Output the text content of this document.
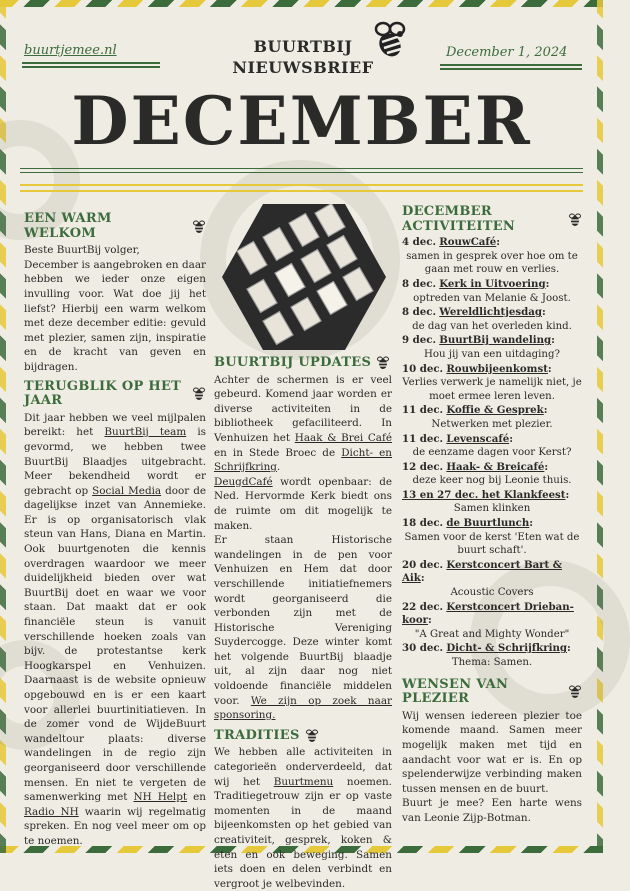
buurtjemee.nl	December 1, 2024
BUURTBIJ
NIEUWSBRIEF
DECEMBER
EEN WARM WELKOM

Beste BuurtBij volger,

December is aangebroken en daar hebben we ieder onze eigen invulling voor. Wat doe jij het liefst? Hierbij een warm welkom met deze december editie: gevuld met plezier, samen zijn, inspiratie en de kracht van geven en bijdragen.

TERUGBLIK OP HET JAAR

Dit jaar hebben we veel mijlpalen bereikt: het BuurtBij team is gevormd, we hebben twee BuurtBij Blaadjes uitgebracht. Meer bekendheid wordt er gebracht op Social Media door de dagelijkse inzet van Annemieke. Er is op organisatorisch vlak steun van Hans, Diana en Martin. Ook buurtgenoten die kennis overdragen waardoor we meer duidelijkheid bieden over wat BuurtBij doet en waar we voor staan. Dat maakt dat er ook financiële steun is vanuit verschillende hoeken zoals van bijv. de protestantse kerk Hoogkarspel en Venhuizen. Daarnaast is de website opnieuw opgebouwd en is er een kaart voor allerlei buurtinitiatieven. In de zomer vond de WijdeBuurt wandeltour plaats: diverse wandelingen in de regio zijn georganiseerd door verschillende mensen. En niet te vergeten de samenwerking met NH Helpt en Radio NH waarin wij regelmatig spreken. En nog veel meer om op te noemen.

BUURTBIJ UPDATES

Achter de schermen is er veel gebeurd. Komend jaar worden er diverse activiteiten in de bibliotheek gefaciliteerd. In Venhuizen het Haak & Brei Café en in Stede Broec de Dicht- en Schrijfkring.

DeugdCafé wordt openbaar: de Ned. Hervormde Kerk biedt ons de ruimte om dit mogelijk te maken.

Er staan Historische wandelingen in de pen voor Venhuizen en Hem dat door verschillende initiatiefnemers wordt georganiseerd die verbonden zijn met de Historische Vereniging Suydercogge. Deze winter komt het volgende BuurtBij blaadje uit, al zijn daar nog niet voldoende financiële middelen voor. We zijn op zoek naar sponsoring.

TRADITIES

We hebben alle activiteiten in categorieën onderverdeeld, dat wij het Buurtmenu noemen. Traditiegetrouw zijn er op vaste momenten in de maand bijeenkomsten op het gebied van creativiteit, gesprek, koken & eten en ook beweging. Samen iets doen en delen verbindt en vergroot je welbevinden.

DECEMBER ACTIVITEITEN
4 dec. RouwCafé:
samen in gesprek over hoe om te gaan met rouw en verlies.
8 dec. Kerk in Uitvoering:
optreden van Melanie & Joost.
8 dec. Wereldlichtjesdag:
de dag van het overleden kind.
9 dec. BuurtBij wandeling:
Hou jij van een uitdaging?
10 dec. Rouwbijeenkomst:
Verlies verwerk je namelijk niet, je moet ermee leren leven.
11 dec. Koffie & Gesprek:
Netwerken met plezier.
11 dec. Levenscafé:
de eenzame dagen voor Kerst?
12 dec. Haak- & Breicafé:
deze keer nog bij Leonie thuis.
13 en 27 dec. het Klankfeest:
Samen klinken
18 dec. de Buurtlunch:
Samen voor de kerst 'Eten wat de buurt schaft'.
20 dec. Kerstconcert Bart & Aik:
Acoustic Covers
22 dec. Kerstconcert Drieban-koor:
"A Great and Mighty Wonder"
30 dec. Dicht- & Schrijfkring:
Thema: Samen.
WENSEN VAN PLEZIER

Wij wensen iedereen plezier toe komende maand. Samen meer mogelijk maken met tijd en aandacht voor wat er is. En op spelenderwijze verbinding maken tussen mensen en de buurt.

Buurt je mee? Een harte wens van Leonie Zijp-Botman.
